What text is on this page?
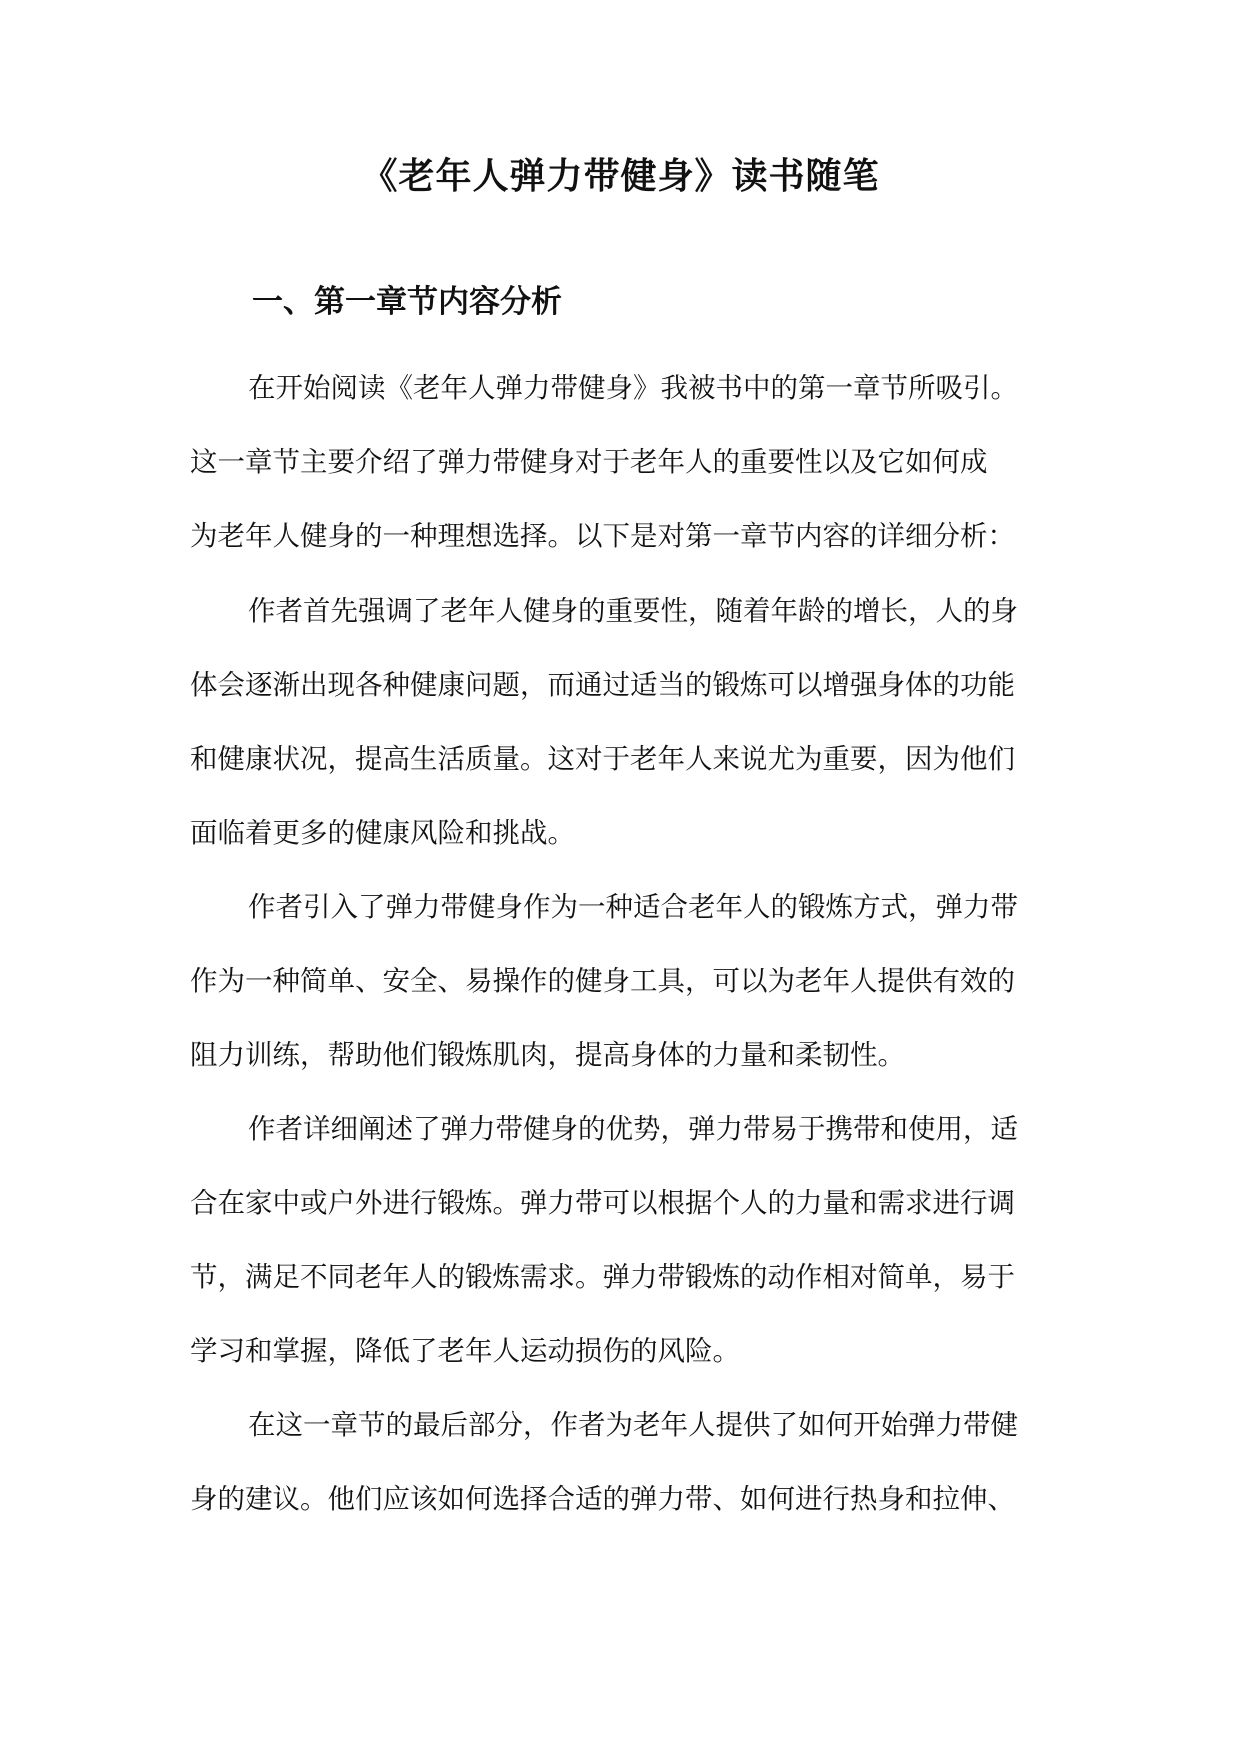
《老年人弹力带健身》读书随笔
一、第一章节内容分析
在开始阅读《老年人弹力带健身》我被书中的第一章节所吸引。
这一章节主要介绍了弹力带健身对于老年人的重要性以及它如何成
为老年人健身的一种理想选择。以下是对第一章节内容的详细分析：
作者首先强调了老年人健身的重要性，随着年龄的增长，人的身
体会逐渐出现各种健康问题，而通过适当的锻炼可以增强身体的功能
和健康状况，提高生活质量。这对于老年人来说尤为重要，因为他们
面临着更多的健康风险和挑战。
作者引入了弹力带健身作为一种适合老年人的锻炼方式，弹力带
作为一种简单、安全、易操作的健身工具，可以为老年人提供有效的
阻力训练，帮助他们锻炼肌肉，提高身体的力量和柔韧性。
作者详细阐述了弹力带健身的优势，弹力带易于携带和使用，适
合在家中或户外进行锻炼。弹力带可以根据个人的力量和需求进行调
节，满足不同老年人的锻炼需求。弹力带锻炼的动作相对简单，易于
学习和掌握，降低了老年人运动损伤的风险。
在这一章节的最后部分，作者为老年人提供了如何开始弹力带健
身的建议。他们应该如何选择合适的弹力带、如何进行热身和拉伸、
